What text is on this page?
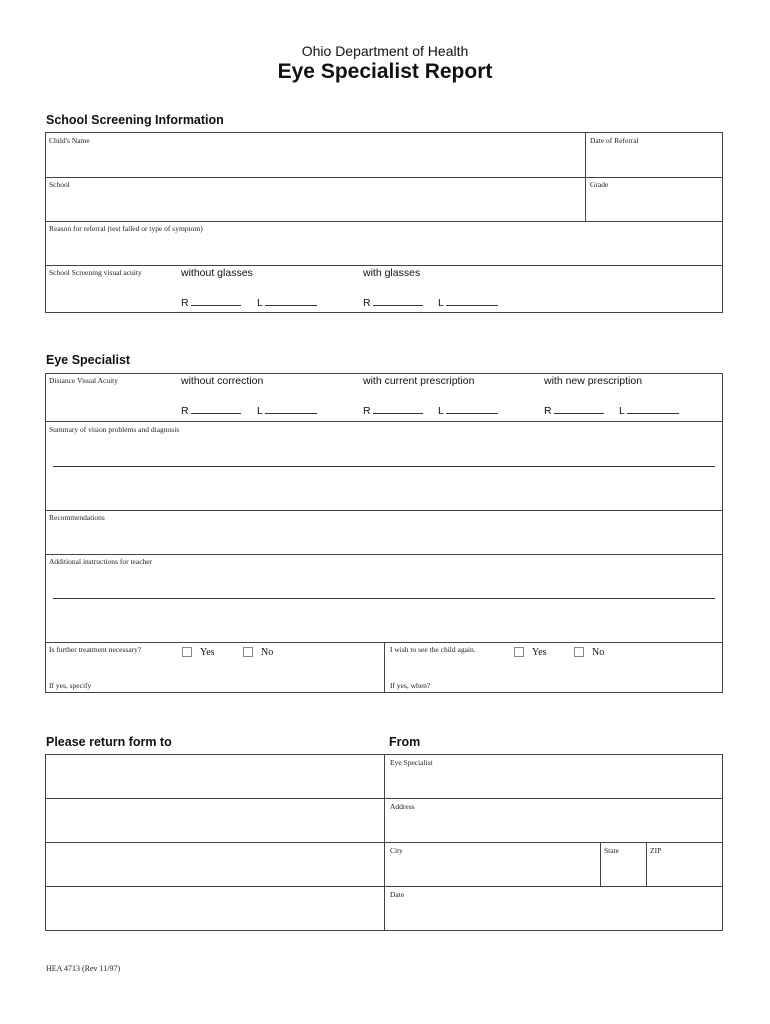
Ohio Department of Health
Eye Specialist Report
School Screening Information
Child's Name	Date of Referral
School	Grade
Reason for referral (test failed or type of symptom)
School Screening visual acuity	without glasses	with glasses
R	L	R	L
Eye Specialist
Distance Visual Acuity	without correction	with current prescription	with new prescription
R	L	R	L	R	L
Summary of vision problems and diagnosis
Recommendations
Additional instructions for teacher
Is further treatment necessary?	Yes	No	I wish to see the child again.	Yes	No
If yes, specify	If yes, when?
Please return form to	From
Eye Specialist
Address
City	State	ZIP
Date
HEA 4713 (Rev 11/97)
